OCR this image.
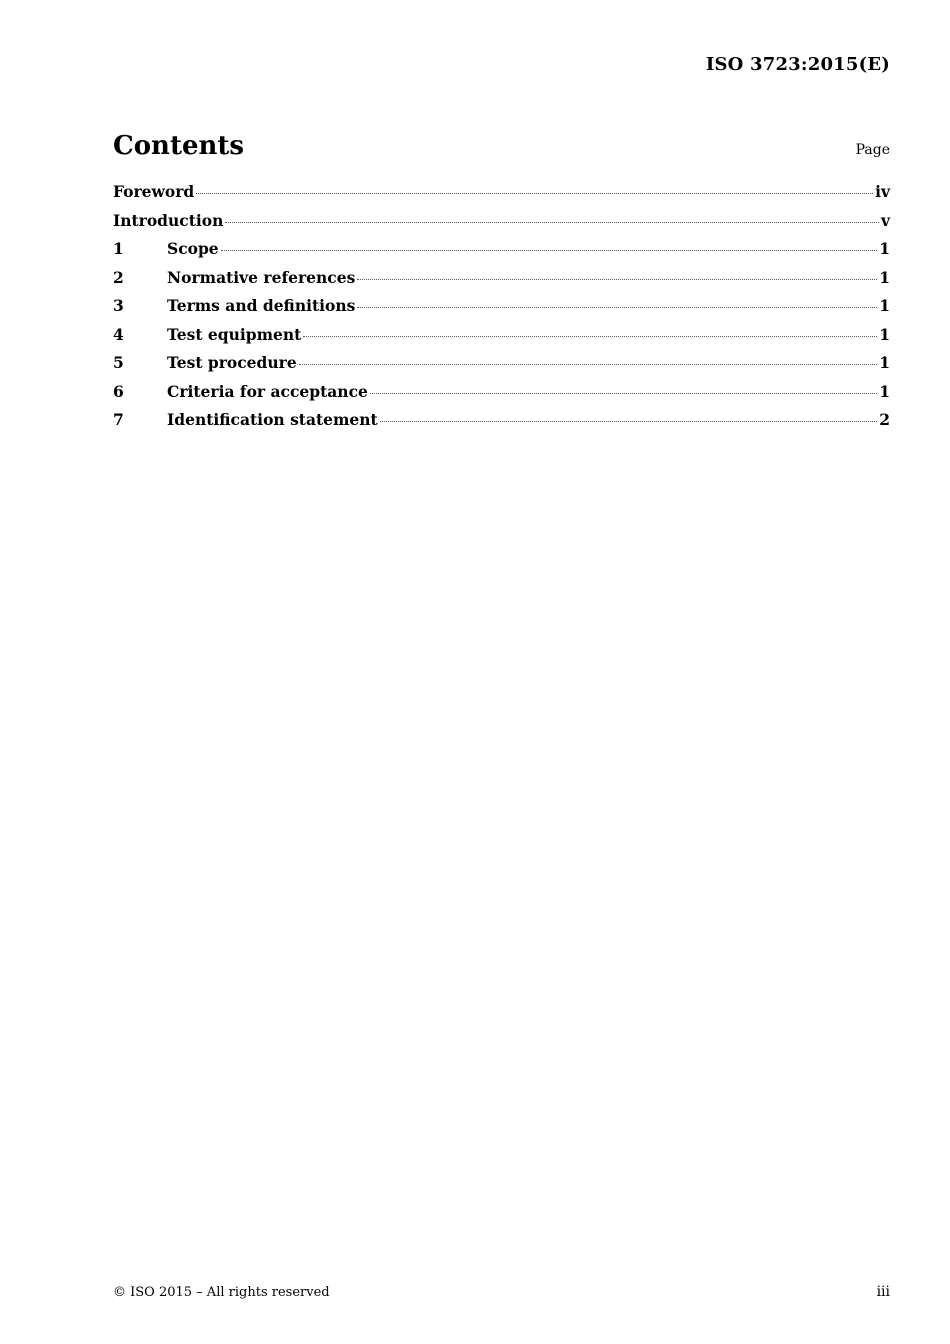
ISO 3723:2015(E)
Contents	Page
Foreword	iv
Introduction	v
1	Scope	1
2	Normative references	1
3	Terms and definitions	1
4	Test equipment	1
5	Test procedure	1
6	Criteria for acceptance	1
7	Identification statement	2
© ISO 2015 – All rights reserved	iii
